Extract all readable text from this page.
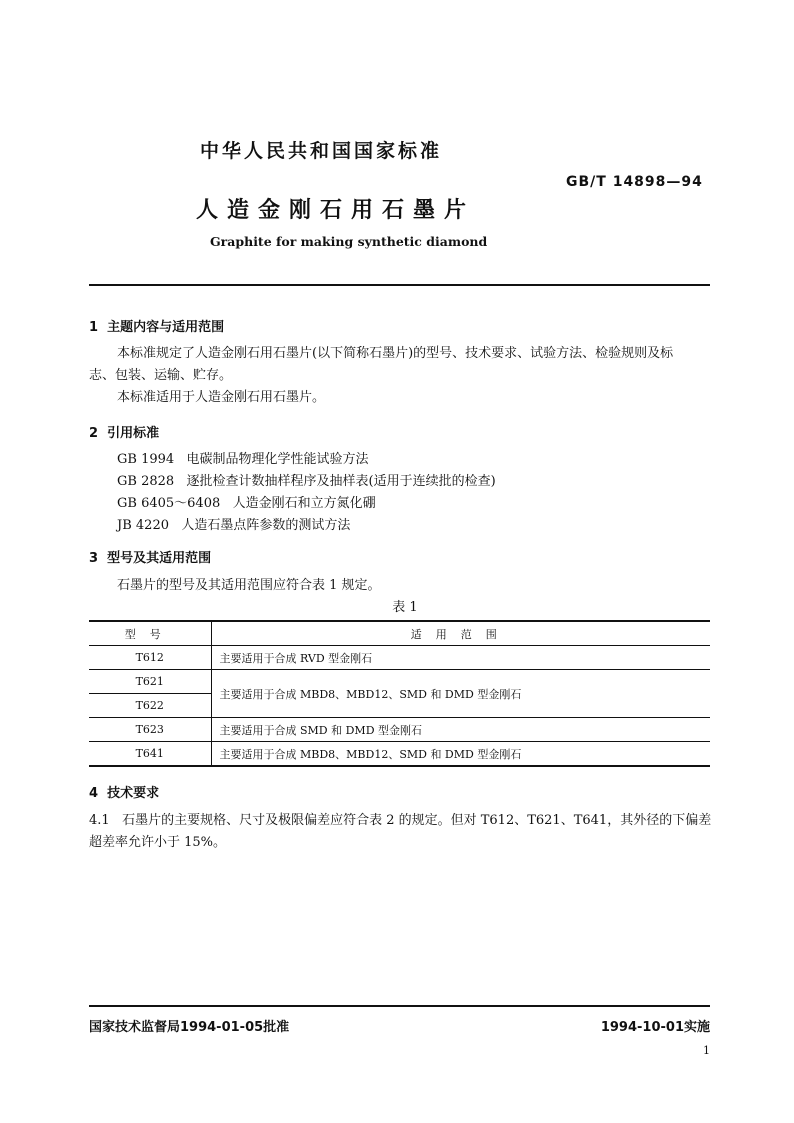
中华人民共和国国家标准
GB/T 14898—94
人造金刚石用石墨片
Graphite for making synthetic diamond
1  主题内容与适用范围
本标准规定了人造金刚石用石墨片(以下简称石墨片)的型号、技术要求、试验方法、检验规则及标
志、包装、运输、贮存。
本标准适用于人造金刚石用石墨片。
2  引用标准
GB 1994   电碳制品物理化学性能试验方法
GB 2828   逐批检查计数抽样程序及抽样表(适用于连续批的检查)
GB 6405～6408   人造金刚石和立方氮化硼
JB 4220   人造石墨点阵参数的测试方法
3  型号及其适用范围
石墨片的型号及其适用范围应符合表 1 规定。
表 1
型号	适用范围
T612	主要适用于合成 RVD 型金刚石
T621	主要适用于合成 MBD8、MBD12、SMD 和 DMD 型金刚石
T622	
T623	主要适用于合成 SMD 和 DMD 型金刚石
T641	主要适用于合成 MBD8、MBD12、SMD 和 DMD 型金刚石
4  技术要求
4.1   石墨片的主要规格、尺寸及极限偏差应符合表 2 的规定。但对 T612、T621、T641，其外径的下偏差
超差率允许小于 15%。
国家技术监督局1994-01-05批准	1994-10-01实施
1
